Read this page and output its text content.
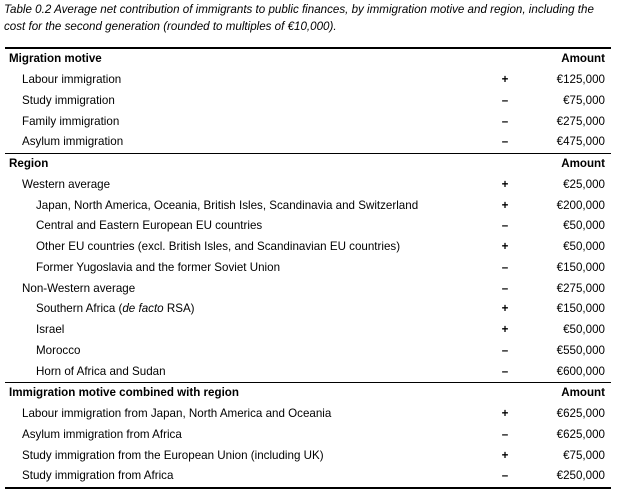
Table 0.2 Average net contribution of immigrants to public finances, by immigration motive and region, including the cost for the second generation (rounded to multiples of €10,000).
Migration motive		Amount
Labour immigration	+	€125,000
Study immigration	–	€75,000
Family immigration	–	€275,000
Asylum immigration	–	€475,000
Region		Amount
Western average	+	€25,000
Japan, North America, Oceania, British Isles, Scandinavia and Switzerland	+	€200,000
Central and Eastern European EU countries	–	€50,000
Other EU countries (excl. British Isles, and Scandinavian EU countries)	+	€50,000
Former Yugoslavia and the former Soviet Union	–	€150,000
Non-Western average	–	€275,000
Southern Africa (de facto RSA)	+	€150,000
Israel	+	€50,000
Morocco	–	€550,000
Horn of Africa and Sudan	–	€600,000
Immigration motive combined with region		Amount
Labour immigration from Japan, North America and Oceania	+	€625,000
Asylum immigration from Africa	–	€625,000
Study immigration from the European Union (including UK)	+	€75,000
Study immigration from Africa	–	€250,000
